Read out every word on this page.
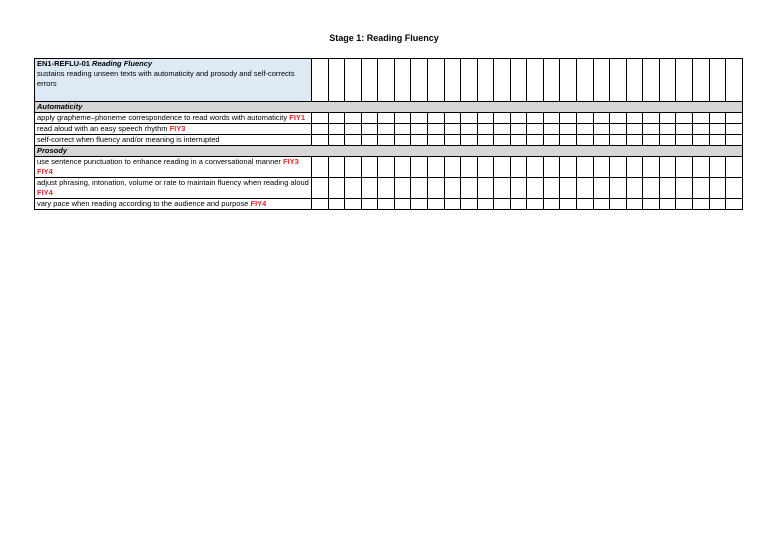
Stage 1: Reading Fluency
EN1-REFLU-01 Reading Fluency
sustains reading unseen texts with automaticity and prosody and self-corrects errors																										
Automaticity																										
apply grapheme–phoneme correspondence to read words with automaticity FIY1																										
read aloud with an easy speech rhythm FIY3																										
self-correct when fluency and/or meaning is interrupted																										
Prosody																										
use sentence punctuation to enhance reading in a conversational manner FIY3 FIY4																										
adjust phrasing, intonation, volume or rate to maintain fluency when reading aloud FIY4																										
vary pace when reading according to the audience and purpose FIY4																										
